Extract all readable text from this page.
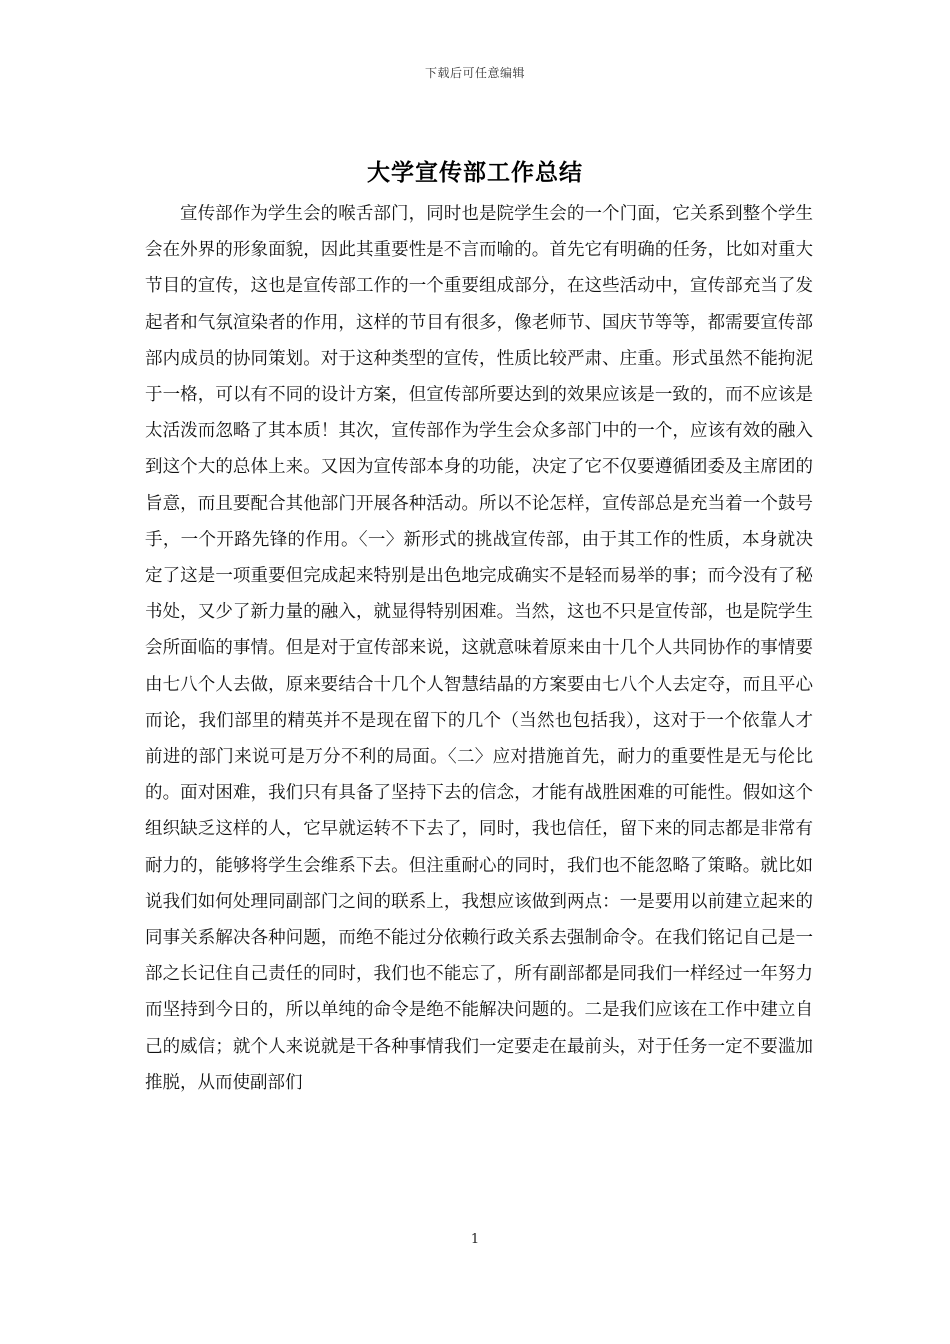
下载后可任意编辑
大学宣传部工作总结

宣传部作为学生会的喉舌部门，同时也是院学生会的一个门面，它关系到整个学生会在外界的形象面貌，因此其重要性是不言而喻的。首先它有明确的任务，比如对重大节目的宣传，这也是宣传部工作的一个重要组成部分，在这些活动中，宣传部充当了发起者和气氛渲染者的作用，这样的节目有很多，像老师节、国庆节等等，都需要宣传部部内成员的协同策划。对于这种类型的宣传，性质比较严肃、庄重。形式虽然不能拘泥于一格，可以有不同的设计方案，但宣传部所要达到的效果应该是一致的，而不应该是太活泼而忽略了其本质！其次，宣传部作为学生会众多部门中的一个，应该有效的融入到这个大的总体上来。又因为宣传部本身的功能，决定了它不仅要遵循团委及主席团的旨意，而且要配合其他部门开展各种活动。所以不论怎样，宣传部总是充当着一个鼓号手，一个开路先锋的作用。〈一〉新形式的挑战宣传部，由于其工作的性质，本身就决定了这是一项重要但完成起来特别是出色地完成确实不是轻而易举的事；而今没有了秘书处，又少了新力量的融入，就显得特别困难。当然，这也不只是宣传部，也是院学生会所面临的事情。但是对于宣传部来说，这就意味着原来由十几个人共同协作的事情要由七八个人去做，原来要结合十几个人智慧结晶的方案要由七八个人去定夺，而且平心而论，我们部里的精英并不是现在留下的几个（当然也包括我），这对于一个依靠人才前进的部门来说可是万分不利的局面。〈二〉应对措施首先，耐力的重要性是无与伦比的。面对困难，我们只有具备了坚持下去的信念，才能有战胜困难的可能性。假如这个组织缺乏这样的人，它早就运转不下去了，同时，我也信任，留下来的同志都是非常有耐力的，能够将学生会维系下去。但注重耐心的同时，我们也不能忽略了策略。就比如说我们如何处理同副部门之间的联系上，我想应该做到两点：一是要用以前建立起来的同事关系解决各种问题，而绝不能过分依赖行政关系去强制命令。在我们铭记自己是一部之长记住自己责任的同时，我们也不能忘了，所有副部都是同我们一样经过一年努力而坚持到今日的，所以单纯的命令是绝不能解决问题的。二是我们应该在工作中建立自己的威信；就个人来说就是干各种事情我们一定要走在最前头，对于任务一定不要滥加推脱，从而使副部们

1
